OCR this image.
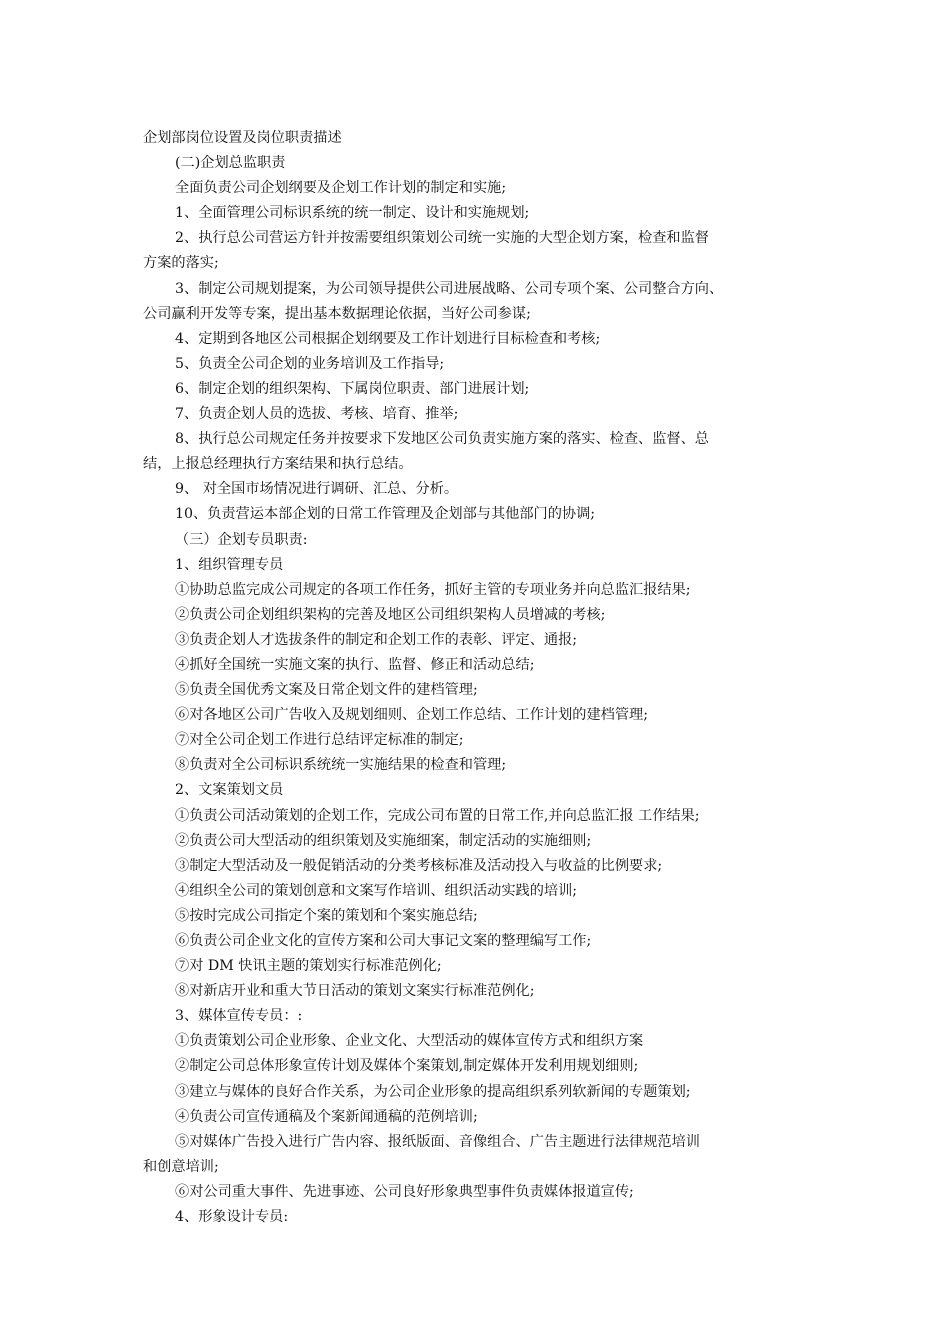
企划部岗位设置及岗位职责描述
(二)企划总监职责
全面负责公司企划纲要及企划工作计划的制定和实施;
1、全面管理公司标识系统的统一制定、设计和实施规划;
2、执行总公司营运方针并按需要组织策划公司统一实施的大型企划方案，检查和监督
方案的落实;
3、制定公司规划提案，为公司领导提供公司进展战略、公司专项个案、公司整合方向、
公司赢利开发等专案，提出基本数据理论依据，当好公司参谋;
4、定期到各地区公司根据企划纲要及工作计划进行目标检查和考核;
5、负责全公司企划的业务培训及工作指导;
6、制定企划的组织架构、下属岗位职责、部门进展计划;
7、负责企划人员的选拔、考核、培育、推举;
8、执行总公司规定任务并按要求下发地区公司负责实施方案的落实、检查、监督、总
结，上报总经理执行方案结果和执行总结。
9、 对全国市场情况进行调研、汇总、分析。
10、负责营运本部企划的日常工作管理及企划部与其他部门的协调;
（三）企划专员职责:
1、组织管理专员
①协助总监完成公司规定的各项工作任务，抓好主管的专项业务并向总监汇报结果;
②负责公司企划组织架构的完善及地区公司组织架构人员增减的考核;
③负责企划人才选拔条件的制定和企划工作的表彰、评定、通报;
④抓好全国统一实施文案的执行、监督、修正和活动总结;
⑤负责全国优秀文案及日常企划文件的建档管理;
⑥对各地区公司广告收入及规划细则、企划工作总结、工作计划的建档管理;
⑦对全公司企划工作进行总结评定标准的制定;
⑧负责对全公司标识系统统一实施结果的检查和管理;
2、文案策划文员
①负责公司活动策划的企划工作，完成公司布置的日常工作,并向总监汇报 工作结果;
②负责公司大型活动的组织策划及实施细案，制定活动的实施细则;
③制定大型活动及一般促销活动的分类考核标准及活动投入与收益的比例要求;
④组织全公司的策划创意和文案写作培训、组织活动实践的培训;
⑤按时完成公司指定个案的策划和个案实施总结;
⑥负责公司企业文化的宣传方案和公司大事记文案的整理编写工作;
⑦对 DM 快讯主题的策划实行标准范例化;
⑧对新店开业和重大节日活动的策划文案实行标准范例化;
3、媒体宣传专员：:
①负责策划公司企业形象、企业文化、大型活动的媒体宣传方式和组织方案
②制定公司总体形象宣传计划及媒体个案策划,制定媒体开发利用规划细则;
③建立与媒体的良好合作关系，为公司企业形象的提高组织系列软新闻的专题策划;
④负责公司宣传通稿及个案新闻通稿的范例培训;
⑤对媒体广告投入进行广告内容、报纸版面、音像组合、广告主题进行法律规范培训
和创意培训;
⑥对公司重大事件、先进事迹、公司良好形象典型事件负责媒体报道宣传;
4、形象设计专员:
